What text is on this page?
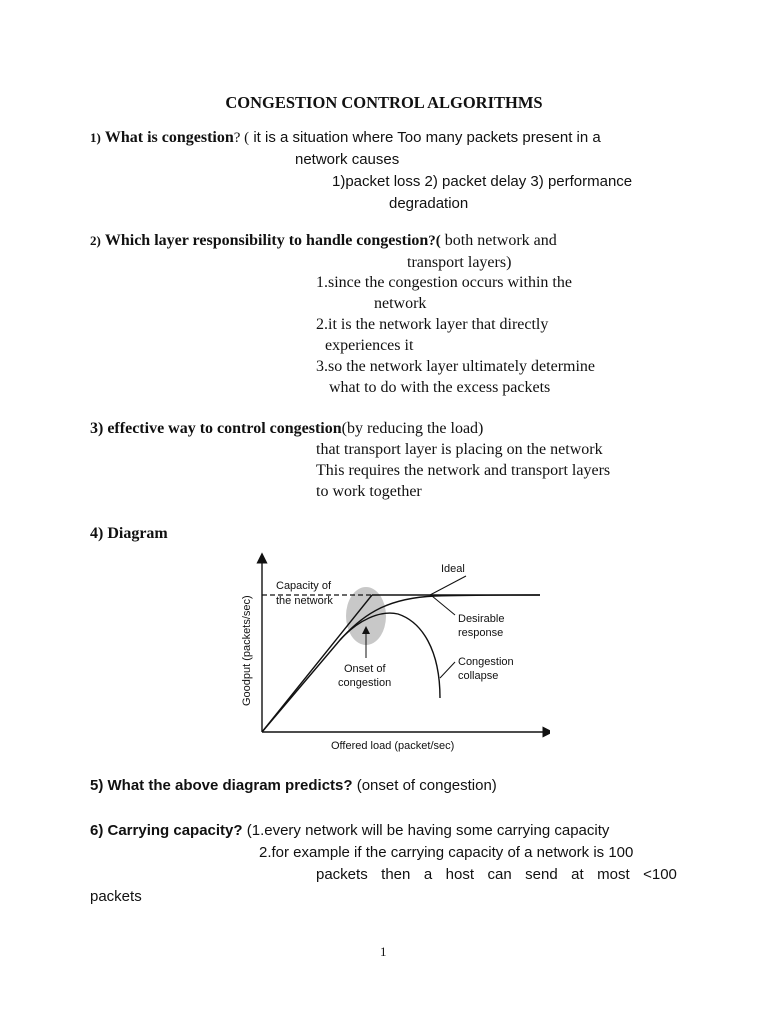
CONGESTION CONTROL ALGORITHMS
1) What is congestion? ( it is a situation where Too many packets present in a
network causes
1)packet loss 2) packet delay 3) performance
degradation
2) Which layer responsibility to handle congestion?( both network and
transport layers)
1.since the congestion occurs within the
network
2.it is the network layer that directly
experiences it
3.so the network layer ultimately determine
what to do with the excess packets
3) effective way to control congestion(by reducing the load)
that transport layer is placing on the network
This requires the network and transport layers
to work together
4) Diagram
Ideal
Capacity of
the network
Desirable
response
Congestion
collapse
Onset of
congestion
Offered load (packet/sec)
Goodput (packets/sec)
5) What the above diagram predicts? (onset of congestion)
6) Carrying capacity? (1.every network will be having some carrying capacity
2.for example if the carrying capacity of a network is 100
packets then a host can send at most <100
packets
1
